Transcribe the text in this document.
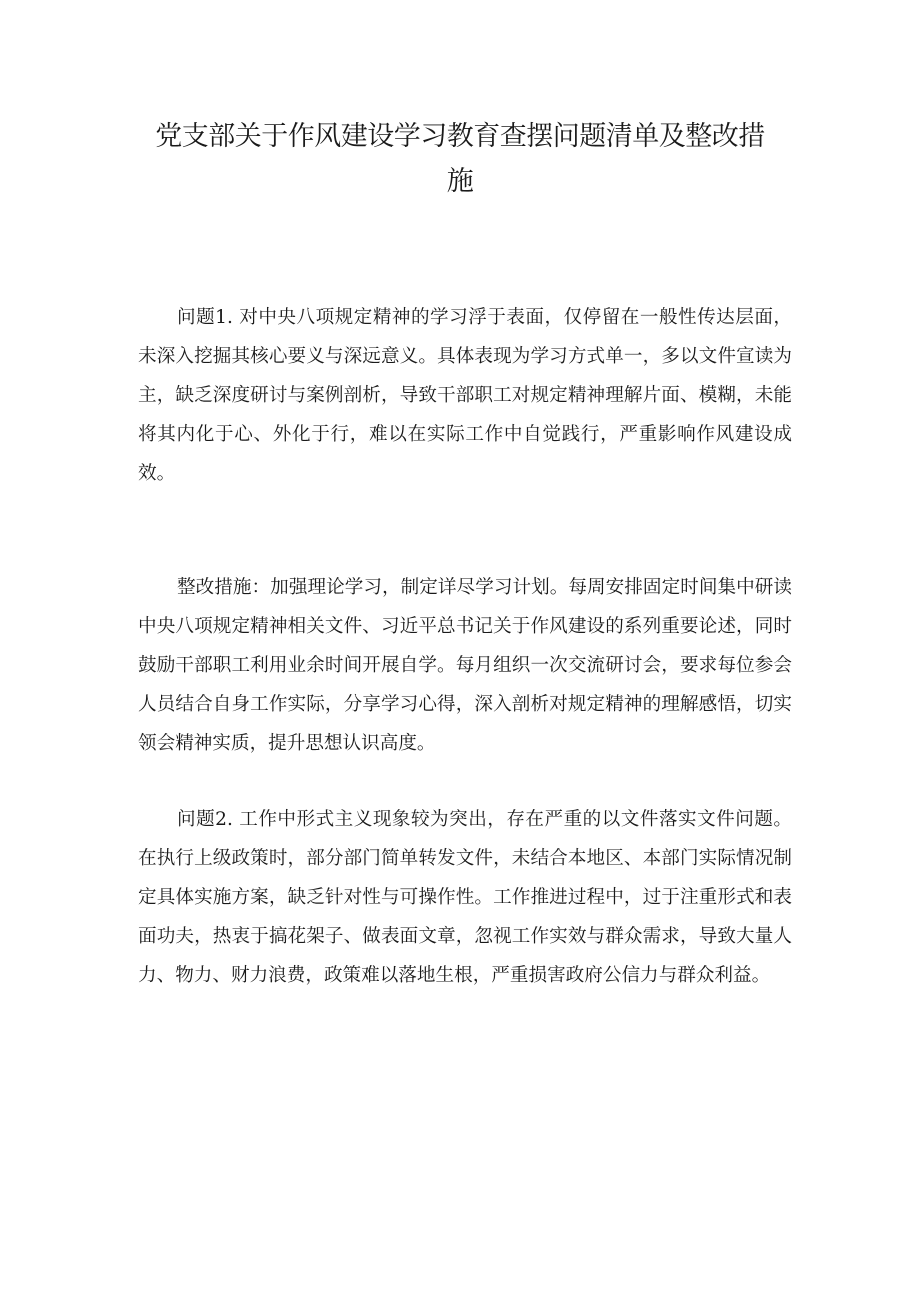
党支部关于作风建设学习教育查摆问题清单及整改措施

问题1. 对中央八项规定精神的学习浮于表面，仅停留在一般性传达层面，未深入挖掘其核心要义与深远意义。具体表现为学习方式单一，多以文件宣读为主，缺乏深度研讨与案例剖析，导致干部职工对规定精神理解片面、模糊，未能将其内化于心、外化于行，难以在实际工作中自觉践行，严重影响作风建设成效。

整改措施：加强理论学习，制定详尽学习计划。每周安排固定时间集中研读中央八项规定精神相关文件、习近平总书记关于作风建设的系列重要论述，同时鼓励干部职工利用业余时间开展自学。每月组织一次交流研讨会，要求每位参会人员结合自身工作实际，分享学习心得，深入剖析对规定精神的理解感悟，切实领会精神实质，提升思想认识高度。

问题2. 工作中形式主义现象较为突出，存在严重的以文件落实文件问题。在执行上级政策时，部分部门简单转发文件，未结合本地区、本部门实际情况制定具体实施方案，缺乏针对性与可操作性。工作推进过程中，过于注重形式和表面功夫，热衷于搞花架子、做表面文章，忽视工作实效与群众需求，导致大量人力、物力、财力浪费，政策难以落地生根，严重损害政府公信力与群众利益。
